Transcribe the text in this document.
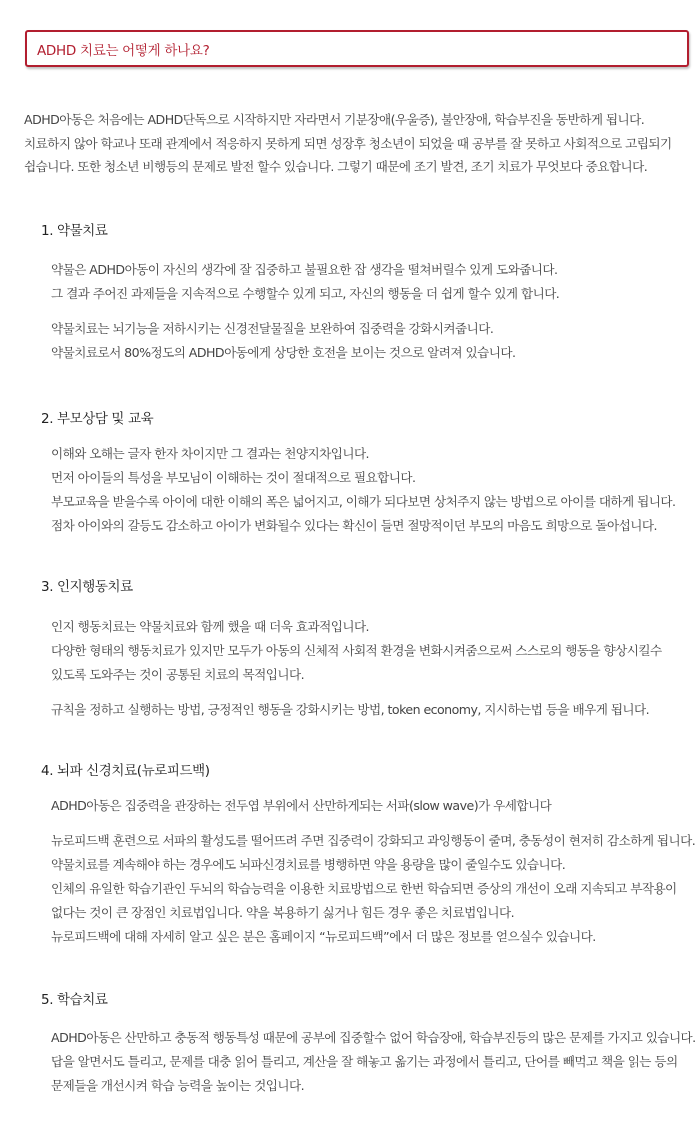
ADHD 치료는 어떻게 하나요?

ADHD아동은 처음에는 ADHD단독으로 시작하지만 자라면서 기분장애(우울증), 불안장애, 학습부진을 동반하게 됩니다.

치료하지 않아 학교나 또래 관계에서 적응하지 못하게 되면 성장후 청소년이 되었을 때 공부를 잘 못하고 사회적으로 고립되기

쉽습니다. 또한 청소년 비행등의 문제로 발전 할수 있습니다. 그렇기 때문에 조기 발견, 조기 치료가 무엇보다 중요합니다.

1. 약물치료

약물은 ADHD아동이 자신의 생각에 잘 집중하고 불필요한 잡 생각을 떨쳐버릴수 있게 도와줍니다.

그 결과 주어진 과제들을 지속적으로 수행할수 있게 되고, 자신의 행동을 더 쉽게 할수 있게 합니다.

약물치료는 뇌기능을 저하시키는 신경전달물질을 보완하여 집중력을 강화시켜줍니다.

약물치료로서 80%정도의 ADHD아동에게 상당한 호전을 보이는 것으로 알려져 있습니다.

2. 부모상담 및 교육

이해와 오해는 글자 한자 차이지만 그 결과는 천양지차입니다.

먼저 아이들의 특성을 부모님이 이해하는 것이 절대적으로 필요합니다.

부모교육을 받을수록 아이에 대한 이해의 폭은 넓어지고, 이해가 되다보면 상처주지 않는 방법으로 아이를 대하게 됩니다.

점차 아이와의 갈등도 감소하고 아이가 변화될수 있다는 확신이 들면 절망적이던 부모의 마음도 희망으로 돌아섭니다.

3. 인지행동치료

인지 행동치료는 약물치료와 함께 했을 때 더욱 효과적입니다.

다양한 형태의 행동치료가 있지만 모두가 아동의 신체적 사회적 환경을 변화시켜줌으로써 스스로의 행동을 향상시킬수

있도록 도와주는 것이 공통된 치료의 목적입니다.

규칙을 정하고 실행하는 방법, 긍정적인 행동을 강화시키는 방법, token economy, 지시하는법 등을 배우게 됩니다.

4. 뇌파 신경치료(뉴로피드백)

ADHD아동은 집중력을 관장하는 전두엽 부위에서 산만하게되는 서파(slow wave)가 우세합니다

뉴로피드백 훈련으로 서파의 활성도를 떨어뜨려 주면 집중력이 강화되고 과잉행동이 줄며, 충동성이 현저히 감소하게 됩니다.

약물치료를 계속해야 하는 경우에도 뇌파신경치료를 병행하면 약을 용량을 많이 줄일수도 있습니다.

인체의 유일한 학습기관인 두뇌의 학습능력을 이용한 치료방법으로 한번 학습되면 증상의 개선이 오래 지속되고 부작용이

없다는 것이 큰 장점인 치료법입니다. 약을 복용하기 싫거나 힘든 경우 좋은 치료법입니다.

뉴로피드백에 대해 자세히 알고 싶은 분은 홈페이지 “뉴로피드백”에서 더 많은 정보를 얻으실수 있습니다.

5. 학습치료

ADHD아동은 산만하고 충동적 행동특성 때문에 공부에 집중할수 없어 학습장애, 학습부진등의 많은 문제를 가지고 있습니다.

답을 알면서도 틀리고, 문제를 대충 읽어 틀리고, 계산을 잘 해놓고 옮기는 과정에서 틀리고, 단어를 빼먹고 책을 읽는 등의

문제들을 개선시켜 학습 능력을 높이는 것입니다.
